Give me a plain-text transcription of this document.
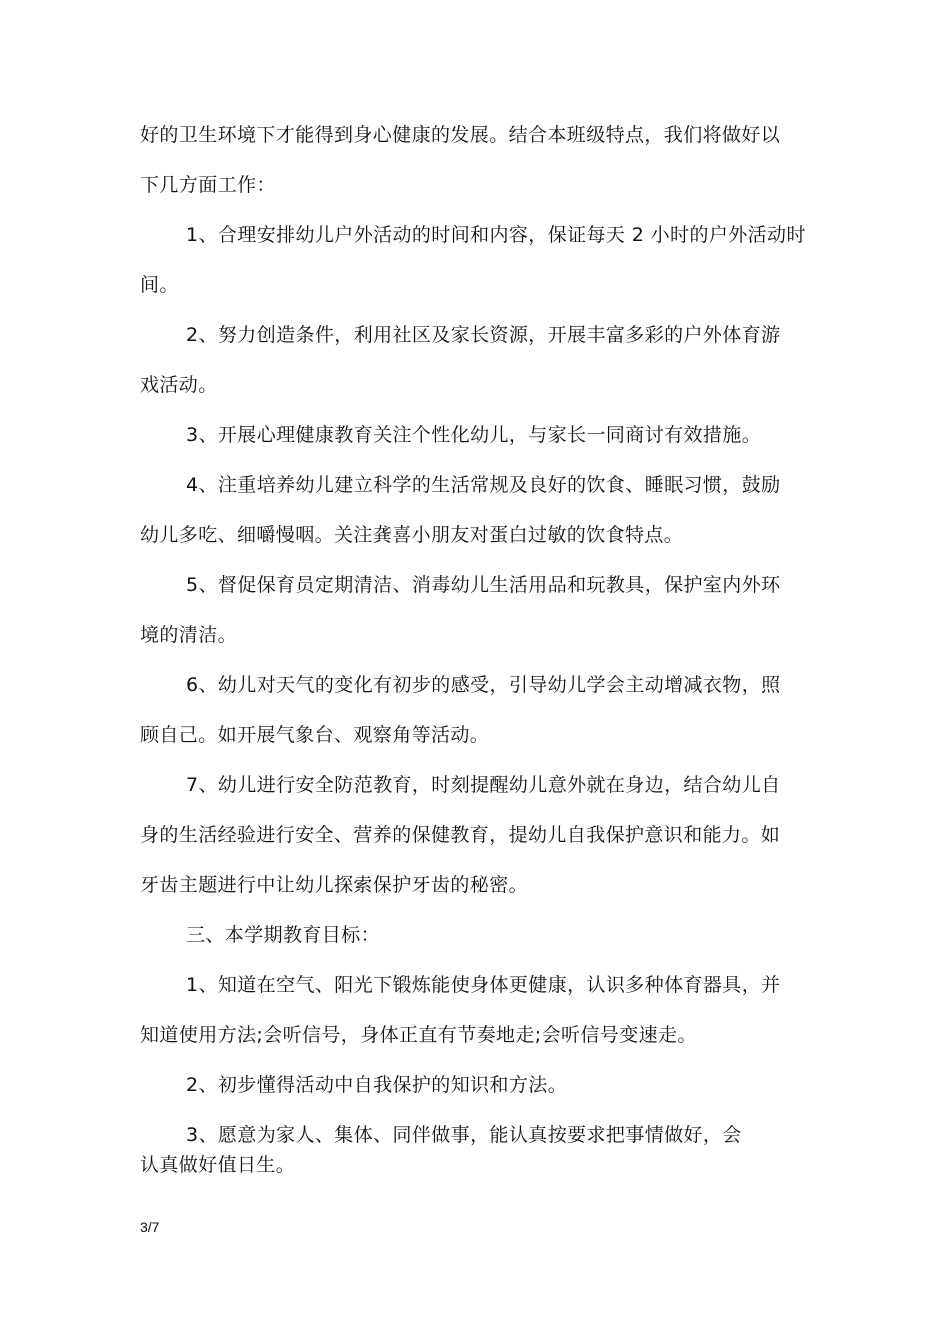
好的卫生环境下才能得到身心健康的发展。结合本班级特点，我们将做好以
下几方面工作：
1、合理安排幼儿户外活动的时间和内容，保证每天 2 小时的户外活动时
间。
2、努力创造条件，利用社区及家长资源，开展丰富多彩的户外体育游
戏活动。
3、开展心理健康教育关注个性化幼儿，与家长一同商讨有效措施。
4、注重培养幼儿建立科学的生活常规及良好的饮食、睡眠习惯，鼓励
幼儿多吃、细嚼慢咽。关注龚喜小朋友对蛋白过敏的饮食特点。
5、督促保育员定期清洁、消毒幼儿生活用品和玩教具，保护室内外环
境的清洁。
6、幼儿对天气的变化有初步的感受，引导幼儿学会主动增减衣物，照
顾自己。如开展气象台、观察角等活动。
7、幼儿进行安全防范教育，时刻提醒幼儿意外就在身边，结合幼儿自
身的生活经验进行安全、营养的保健教育，提幼儿自我保护意识和能力。如
牙齿主题进行中让幼儿探索保护牙齿的秘密。
三、本学期教育目标：
1、知道在空气、阳光下锻炼能使身体更健康，认识多种体育器具，并
知道使用方法;会听信号，身体正直有节奏地走;会听信号变速走。
2、初步懂得活动中自我保护的知识和方法。
3、愿意为家人、集体、同伴做事，能认真按要求把事情做好，会
认真做好值日生。
3/7
